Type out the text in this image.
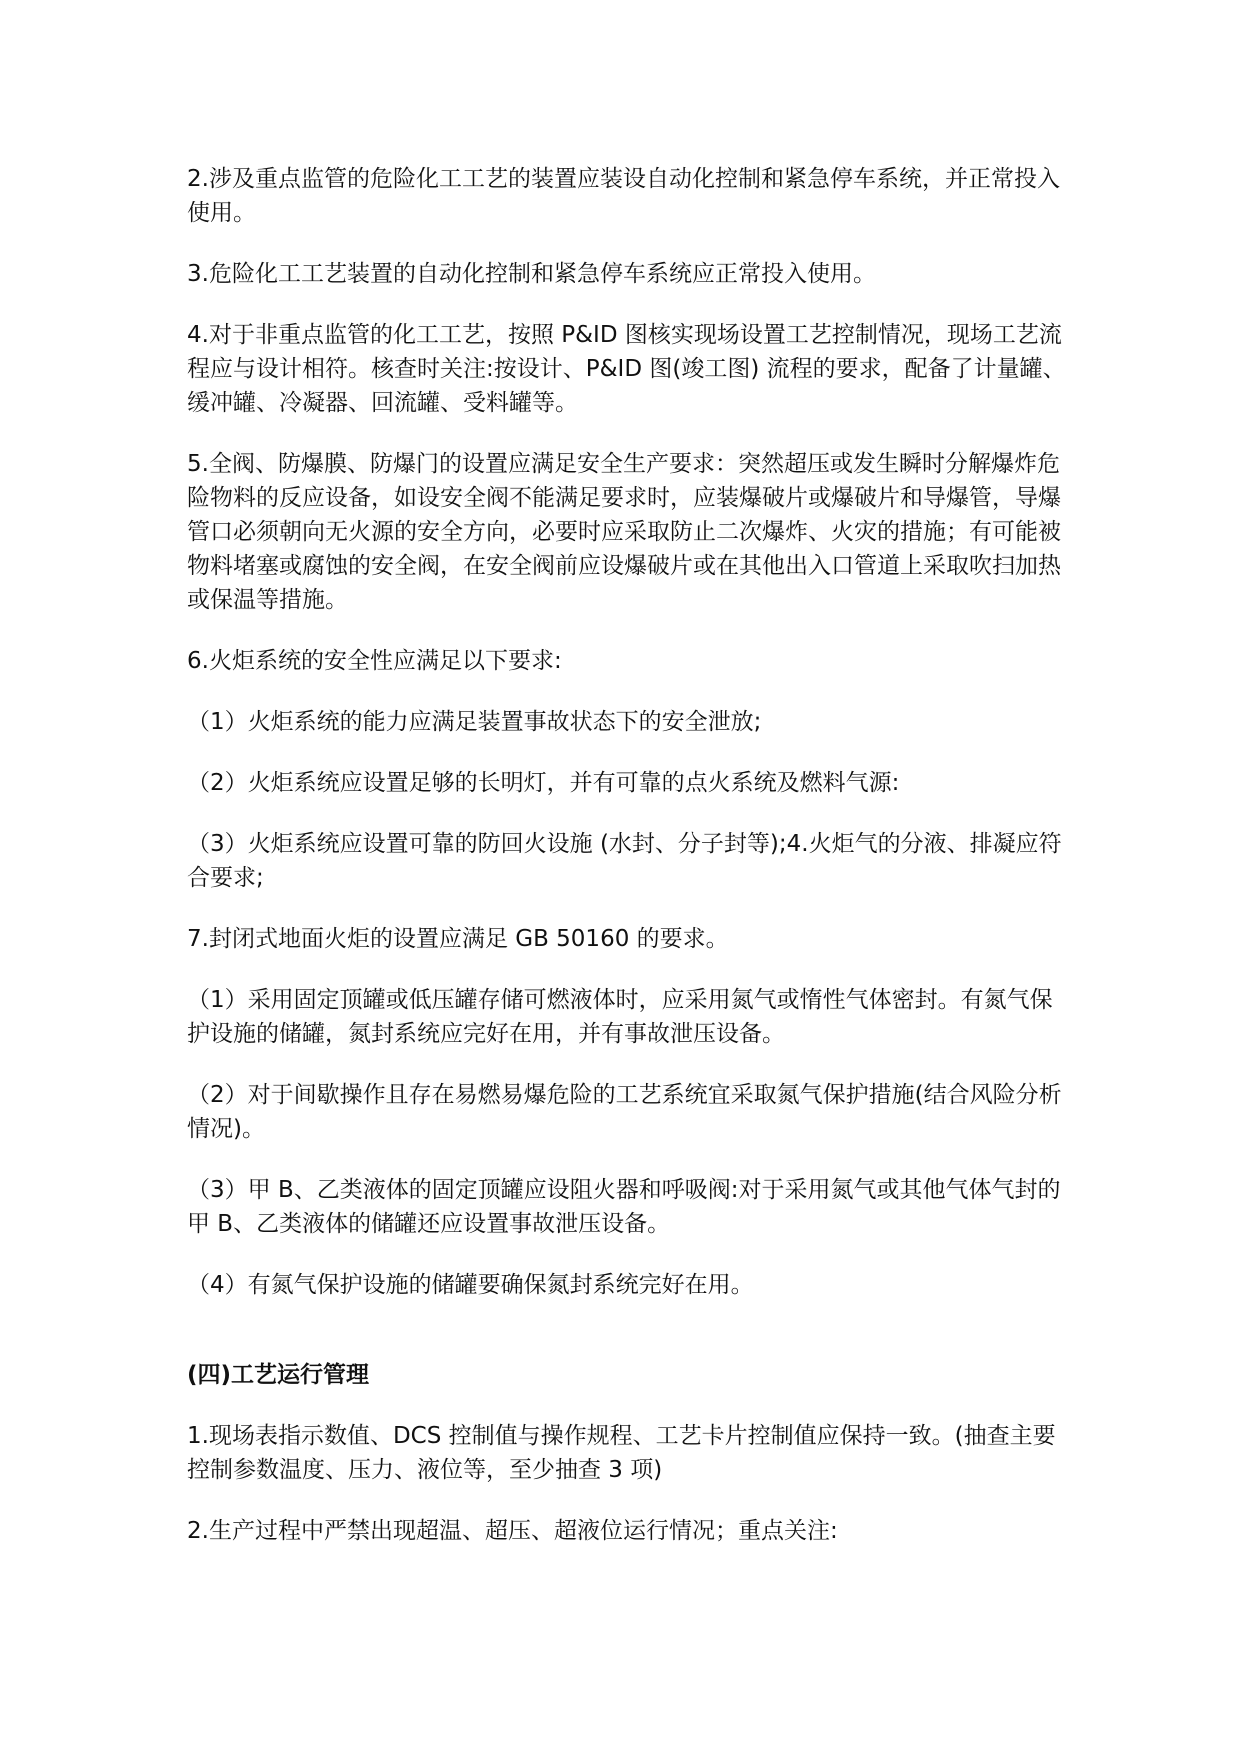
2.涉及重点监管的危险化工工艺的装置应装设自动化控制和紧急停车系统，并正常投入使用。

3.危险化工工艺装置的自动化控制和紧急停车系统应正常投入使用。

4.对于非重点监管的化工工艺，按照 P&ID 图核实现场设置工艺控制情况，现场工艺流程应与设计相符。核查时关注:按设计、P&ID 图(竣工图) 流程的要求，配备了计量罐、缓冲罐、冷凝器、回流罐、受料罐等。

5.全阀、防爆膜、防爆门的设置应满足安全生产要求：突然超压或发生瞬时分解爆炸危险物料的反应设备，如设安全阀不能满足要求时，应装爆破片或爆破片和导爆管，导爆管口必须朝向无火源的安全方向，必要时应采取防止二次爆炸、火灾的措施；有可能被物料堵塞或腐蚀的安全阀，在安全阀前应设爆破片或在其他出入口管道上采取吹扫加热或保温等措施。

6.火炬系统的安全性应满足以下要求:

（1）火炬系统的能力应满足装置事故状态下的安全泄放;

（2）火炬系统应设置足够的长明灯，并有可靠的点火系统及燃料气源:

（3）火炬系统应设置可靠的防回火设施 (水封、分子封等);4.火炬气的分液、排凝应符合要求;

7.封闭式地面火炬的设置应满足 GB 50160 的要求。

（1）采用固定顶罐或低压罐存储可燃液体时，应采用氮气或惰性气体密封。有氮气保护设施的储罐，氮封系统应完好在用，并有事故泄压设备。

（2）对于间歇操作且存在易燃易爆危险的工艺系统宜采取氮气保护措施(结合风险分析情况)。

（3）甲 B、乙类液体的固定顶罐应设阻火器和呼吸阀:对于采用氮气或其他气体气封的甲 B、乙类液体的储罐还应设置事故泄压设备。

（4）有氮气保护设施的储罐要确保氮封系统完好在用。

(四)工艺运行管理

1.现场表指示数值、DCS 控制值与操作规程、工艺卡片控制值应保持一致。(抽查主要控制参数温度、压力、液位等，至少抽查 3 项)

2.生产过程中严禁出现超温、超压、超液位运行情况；重点关注:
